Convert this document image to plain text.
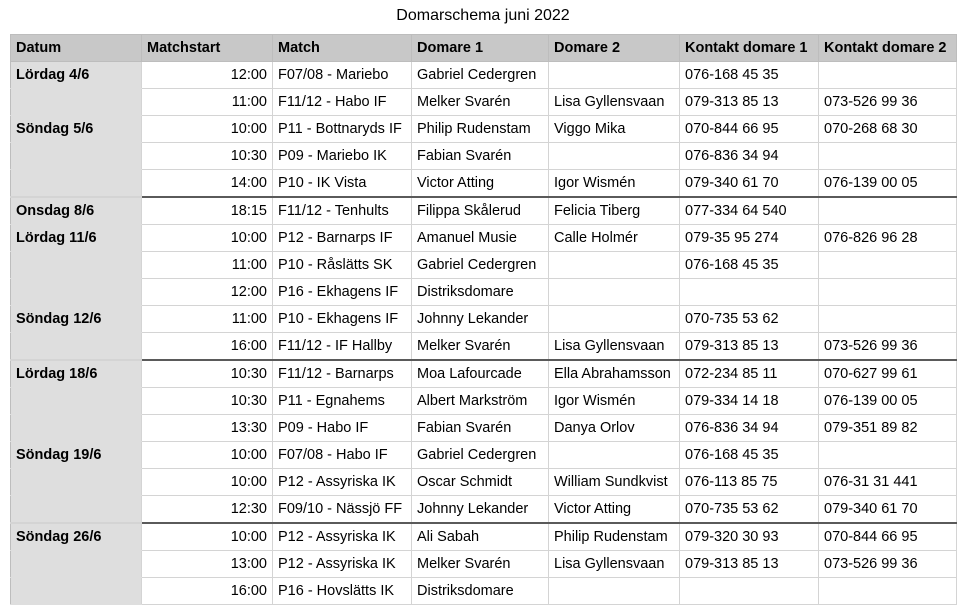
Domarschema juni 2022
Datum	Matchstart	Match	Domare 1	Domare 2	Kontakt domare 1	Kontakt domare 2
Lördag 4/6	12:00	F07/08 - Mariebo	Gabriel Cedergren		076-168 45 35	
	11:00	F11/12 - Habo IF	Melker Svarén	Lisa Gyllensvaan	079-313 85 13	073-526 99 36
Söndag 5/6	10:00	P11 - Bottnaryds IF	Philip Rudenstam	Viggo Mika	070-844 66 95	070-268 68 30
	10:30	P09 - Mariebo IK	Fabian Svarén		076-836 34 94	
	14:00	P10 - IK Vista	Victor Atting	Igor Wismén	079-340 61 70	076-139 00 05
Onsdag 8/6	18:15	F11/12 - Tenhults	Filippa Skålerud	Felicia Tiberg	077-334 64 540	
Lördag 11/6	10:00	P12 - Barnarps IF	Amanuel Musie	Calle Holmér	079-35 95 274	076-826 96 28
	11:00	P10 - Råslätts SK	Gabriel Cedergren		076-168 45 35	
	12:00	P16 - Ekhagens IF	Distriksdomare			
Söndag 12/6	11:00	P10 - Ekhagens IF	Johnny Lekander		070-735 53 62	
	16:00	F11/12 - IF Hallby	Melker Svarén	Lisa Gyllensvaan	079-313 85 13	073-526 99 36
Lördag 18/6	10:30	F11/12 - Barnarps	Moa Lafourcade	Ella Abrahamsson	072-234 85 11	070-627 99 61
	10:30	P11 - Egnahems	Albert Markström	Igor Wismén	079-334 14 18	076-139 00 05
	13:30	P09 - Habo IF	Fabian Svarén	Danya Orlov	076-836 34 94	079-351 89 82
Söndag 19/6	10:00	F07/08 - Habo IF	Gabriel Cedergren		076-168 45 35	
	10:00	P12 - Assyriska IK	Oscar Schmidt	William Sundkvist	076-113 85 75	076-31 31 441
	12:30	F09/10 - Nässjö FF	Johnny Lekander	Victor Atting	070-735 53 62	079-340 61 70
Söndag 26/6	10:00	P12 - Assyriska IK	Ali Sabah	Philip Rudenstam	079-320 30 93	070-844 66 95
	13:00	P12 - Assyriska IK	Melker Svarén	Lisa Gyllensvaan	079-313 85 13	073-526 99 36
	16:00	P16 - Hovslätts IK	Distriksdomare			
